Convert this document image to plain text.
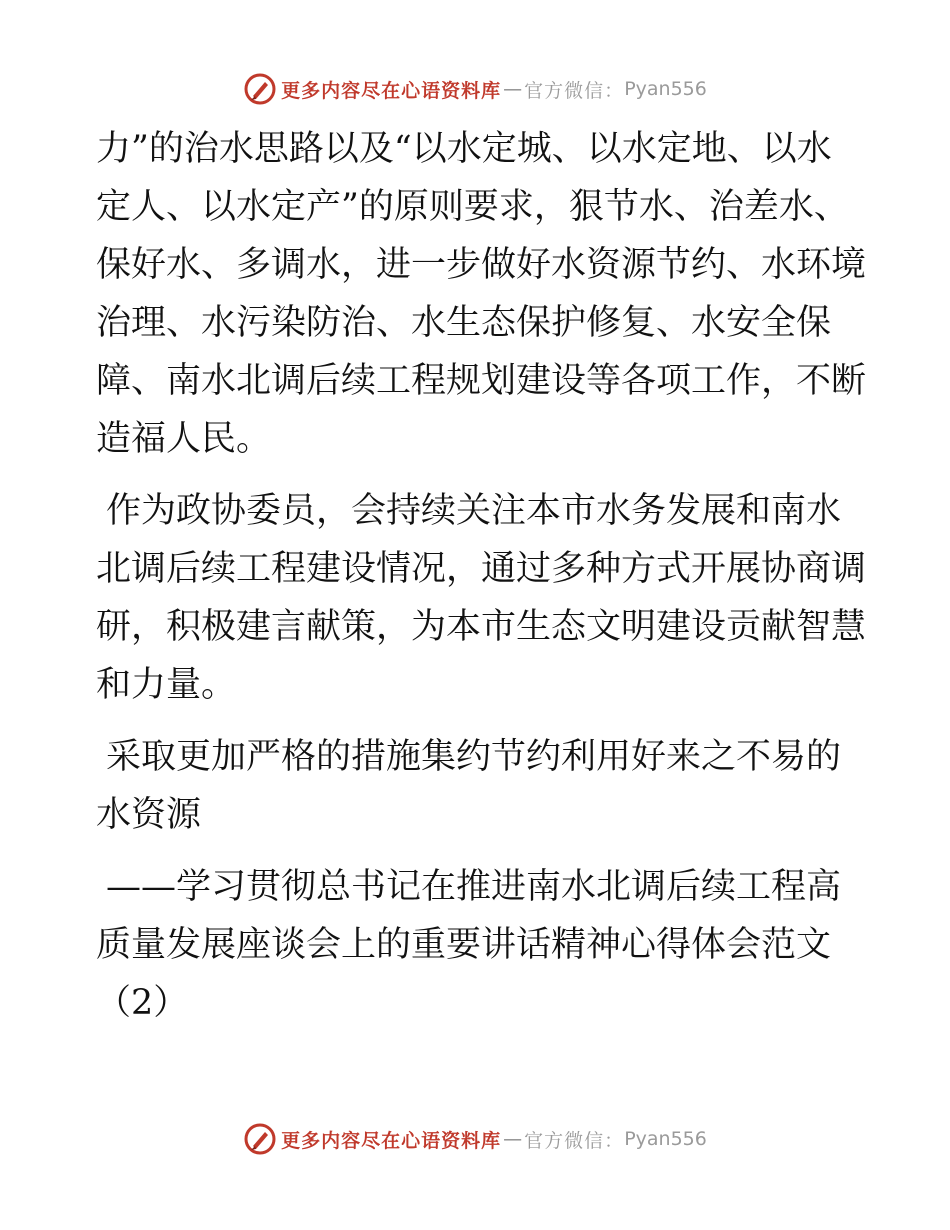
更多内容尽在心语资料库 — 官方微信： Pyan556
力”的治水思路以及“以水定城、以水定地、以水
定人、以水定产”的原则要求，狠节水、治差水、
保好水、多调水，进一步做好水资源节约、水环境
治理、水污染防治、水生态保护修复、水安全保
障、南水北调后续工程规划建设等各项工作，不断
造福人民。
作为政协委员，会持续关注本市水务发展和南水
北调后续工程建设情况，通过多种方式开展协商调
研，积极建言献策，为本市生态文明建设贡献智慧
和力量。
采取更加严格的措施集约节约利用好来之不易的
水资源
——学习贯彻总书记在推进南水北调后续工程高
质量发展座谈会上的重要讲话精神心得体会范文
（2）
更多内容尽在心语资料库 — 官方微信： Pyan556
